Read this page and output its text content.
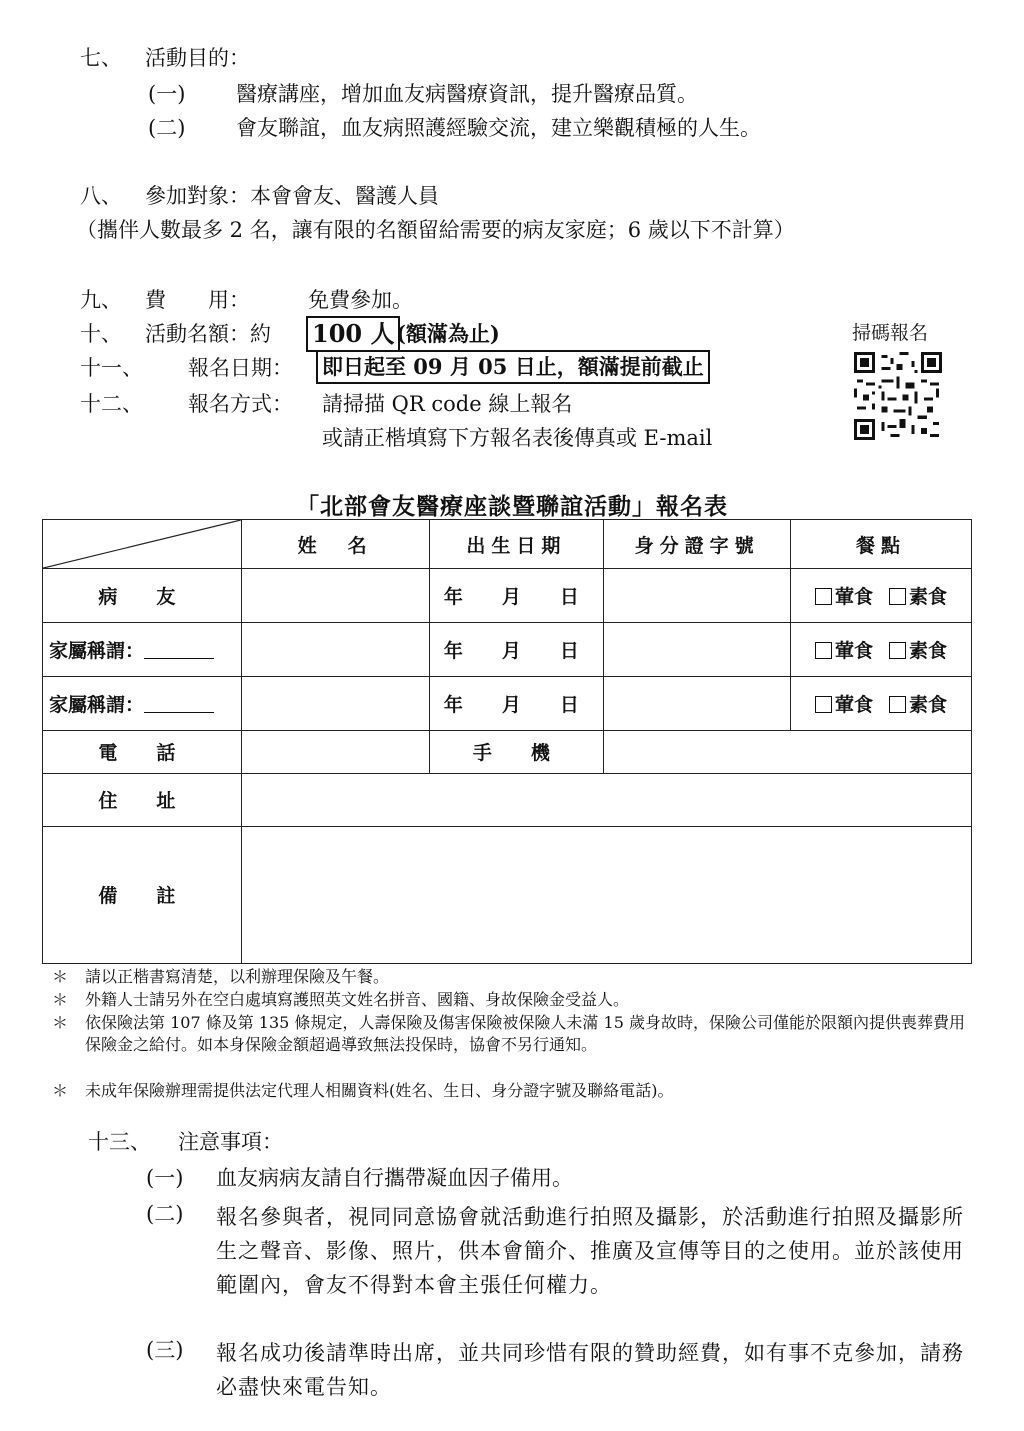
七、 活動目的：
(一) 醫療講座，增加血友病醫療資訊，提升醫療品質。
(二) 會友聯誼，血友病照護經驗交流，建立樂觀積極的人生。
八、 參加對象：本會會友、醫護人員
（攜伴人數最多 2 名，讓有限的名額留給需要的病友家庭；6 歲以下不計算）
九、 費　　用：	免費參加。
十、 活動名額：約 100 人 (額滿為止)
十一、 報名日期： 即日起至 09 月 05 日止，額滿提前截止
十二、 報名方式： 請掃描 QR code 線上報名
或請正楷填寫下方報名表後傳真或 E-mail
掃碼報名
「北部會友醫療座談暨聯誼活動」報名表
	姓　名	出生日期	身分證字號	餐點
病　友		年　月　日		葷食 素食
家屬稱謂：		年　月　日		葷食 素食
家屬稱謂：		年　月　日		葷食 素食
電　話		手　機		
住　址				
備　註				
＊ 請以正楷書寫清楚，以利辦理保險及午餐。
＊ 外籍人士請另外在空白處填寫護照英文姓名拼音、國籍、身故保險金受益人。
＊ 依保險法第 107 條及第 135 條規定，人壽保險及傷害保險被保險人未滿 15 歲身故時，保險公司僅能於限額內提供喪葬費用保險金之給付。如本身保險金額超過導致無法投保時，協會不另行通知。
＊ 未成年保險辦理需提供法定代理人相關資料(姓名、生日、身分證字號及聯絡電話)。
十三、 注意事項：
(一) 血友病病友請自行攜帶凝血因子備用。
(二) 報名參與者，視同同意協會就活動進行拍照及攝影，於活動進行拍照及攝影所生之聲音、影像、照片，供本會簡介、推廣及宣傳等目的之使用。並於該使用範圍內，會友不得對本會主張任何權力。
(三) 報名成功後請準時出席，並共同珍惜有限的贊助經費，如有事不克參加，請務必盡快來電告知。
